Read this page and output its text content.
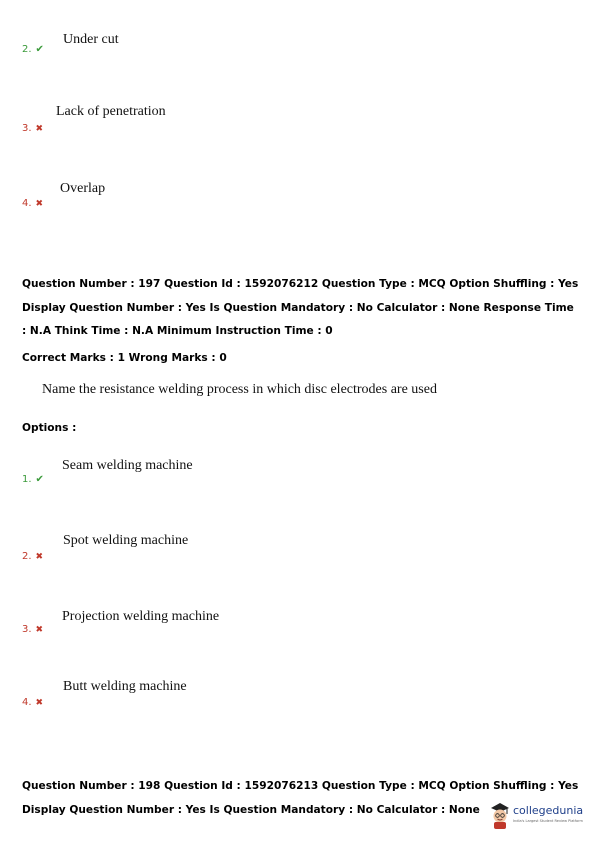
2. ✔
Under cut
3. ✖
Lack of penetration
4. ✖
Overlap
Question Number : 197 Question Id : 1592076212 Question Type : MCQ Option Shuffling : Yes
Display Question Number : Yes Is Question Mandatory : No Calculator : None Response Time
: N.A Think Time : N.A Minimum Instruction Time : 0
Correct Marks : 1 Wrong Marks : 0
Name the resistance welding process in which disc electrodes are used
Options :
1. ✔
Seam welding machine
2. ✖
Spot welding machine
3. ✖
Projection welding machine
4. ✖
Butt welding machine
Question Number : 198 Question Id : 1592076213 Question Type : MCQ Option Shuffling : Yes
Display Question Number : Yes Is Question Mandatory : No Calculator : None	collegedunia
India's Largest Student Review Platform
